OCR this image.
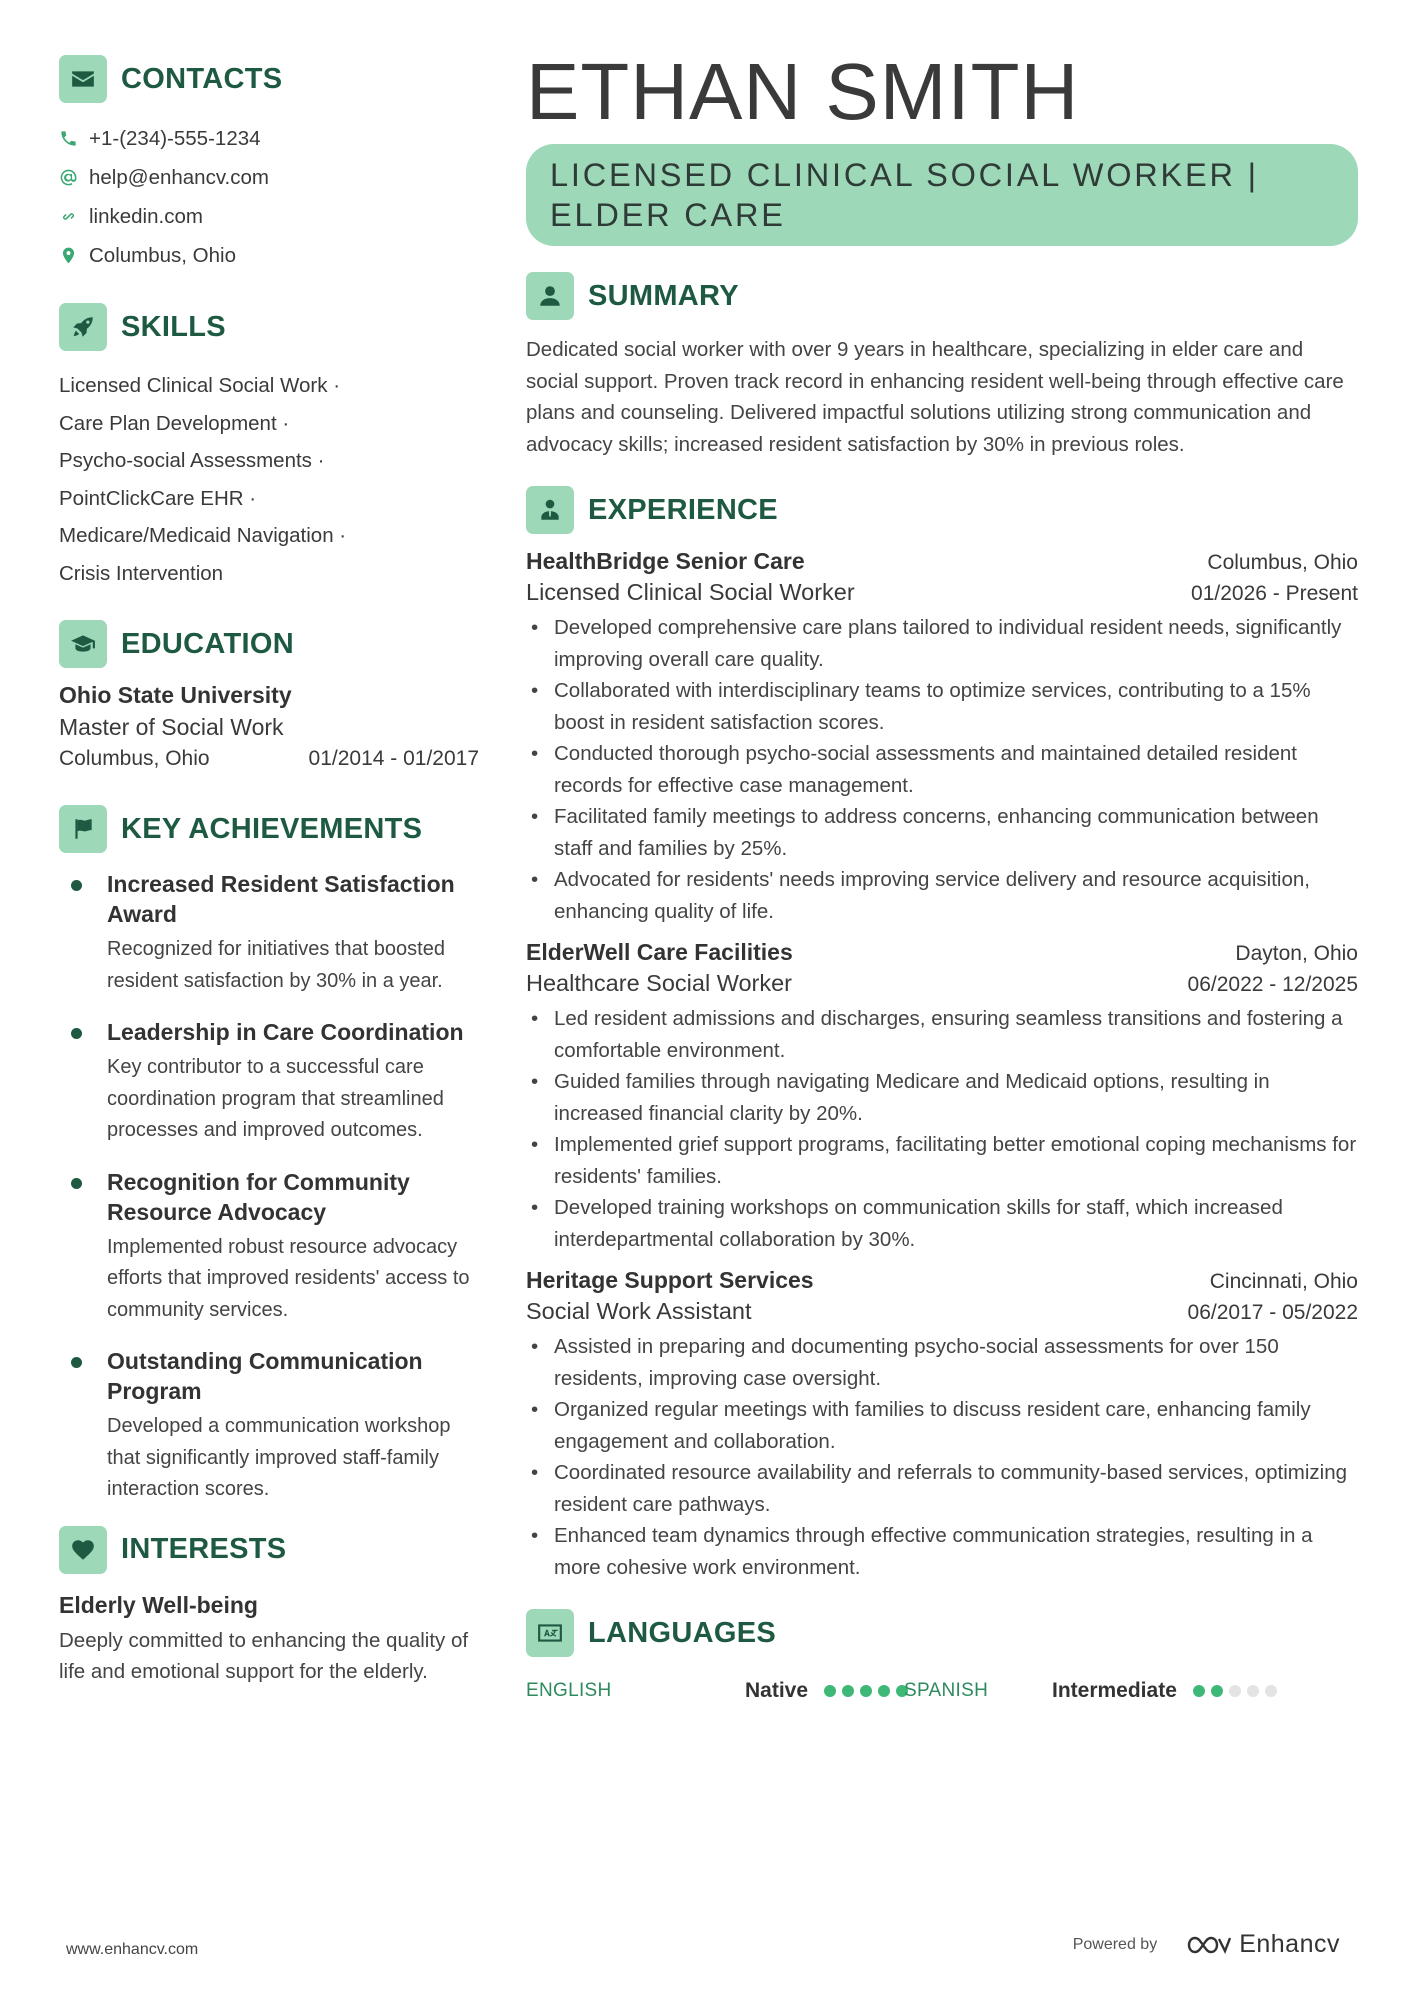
CONTACTS
+1-(234)-555-1234
help@enhancv.com
linkedin.com
Columbus, Ohio
SKILLS
Licensed Clinical Social Work ·
Care Plan Development ·
Psycho-social Assessments ·
PointClickCare EHR ·
Medicare/Medicaid Navigation ·
Crisis Intervention
EDUCATION
Ohio State University
Master of Social Work
Columbus, Ohio	01/2014 - 01/2017
KEY ACHIEVEMENTS
Increased Resident Satisfaction Award
Recognized for initiatives that boosted resident satisfaction by 30% in a year.
Leadership in Care Coordination
Key contributor to a successful care coordination program that streamlined processes and improved outcomes.
Recognition for Community Resource Advocacy
Implemented robust resource advocacy efforts that improved residents' access to community services.
Outstanding Communication Program
Developed a communication workshop that significantly improved staff-family interaction scores.
INTERESTS
Elderly Well-being
Deeply committed to enhancing the quality of life and emotional support for the elderly.
ETHAN SMITH
LICENSED CLINICAL SOCIAL WORKER | ELDER CARE
SUMMARY
Dedicated social worker with over 9 years in healthcare, specializing in elder care and social support. Proven track record in enhancing resident well-being through effective care plans and counseling. Delivered impactful solutions utilizing strong communication and advocacy skills; increased resident satisfaction by 30% in previous roles.
EXPERIENCE
HealthBridge Senior Care	Columbus, Ohio
Licensed Clinical Social Worker	01/2026 - Present
• Developed comprehensive care plans tailored to individual resident needs, significantly improving overall care quality.
• Collaborated with interdisciplinary teams to optimize services, contributing to a 15% boost in resident satisfaction scores.
• Conducted thorough psycho-social assessments and maintained detailed resident records for effective case management.
• Facilitated family meetings to address concerns, enhancing communication between staff and families by 25%.
• Advocated for residents' needs improving service delivery and resource acquisition, enhancing quality of life.
ElderWell Care Facilities	Dayton, Ohio
Healthcare Social Worker	06/2022 - 12/2025
• Led resident admissions and discharges, ensuring seamless transitions and fostering a comfortable environment.
• Guided families through navigating Medicare and Medicaid options, resulting in increased financial clarity by 20%.
• Implemented grief support programs, facilitating better emotional coping mechanisms for residents' families.
• Developed training workshops on communication skills for staff, which increased interdepartmental collaboration by 30%.
Heritage Support Services	Cincinnati, Ohio
Social Work Assistant	06/2017 - 05/2022
• Assisted in preparing and documenting psycho-social assessments for over 150 residents, improving case oversight.
• Organized regular meetings with families to discuss resident care, enhancing family engagement and collaboration.
• Coordinated resource availability and referrals to community-based services, optimizing resident care pathways.
• Enhanced team dynamics through effective communication strategies, resulting in a more cohesive work environment.
LANGUAGES
ENGLISH	Native	SPANISH	Intermediate
www.enhancv.com	Powered by	Enhancv
